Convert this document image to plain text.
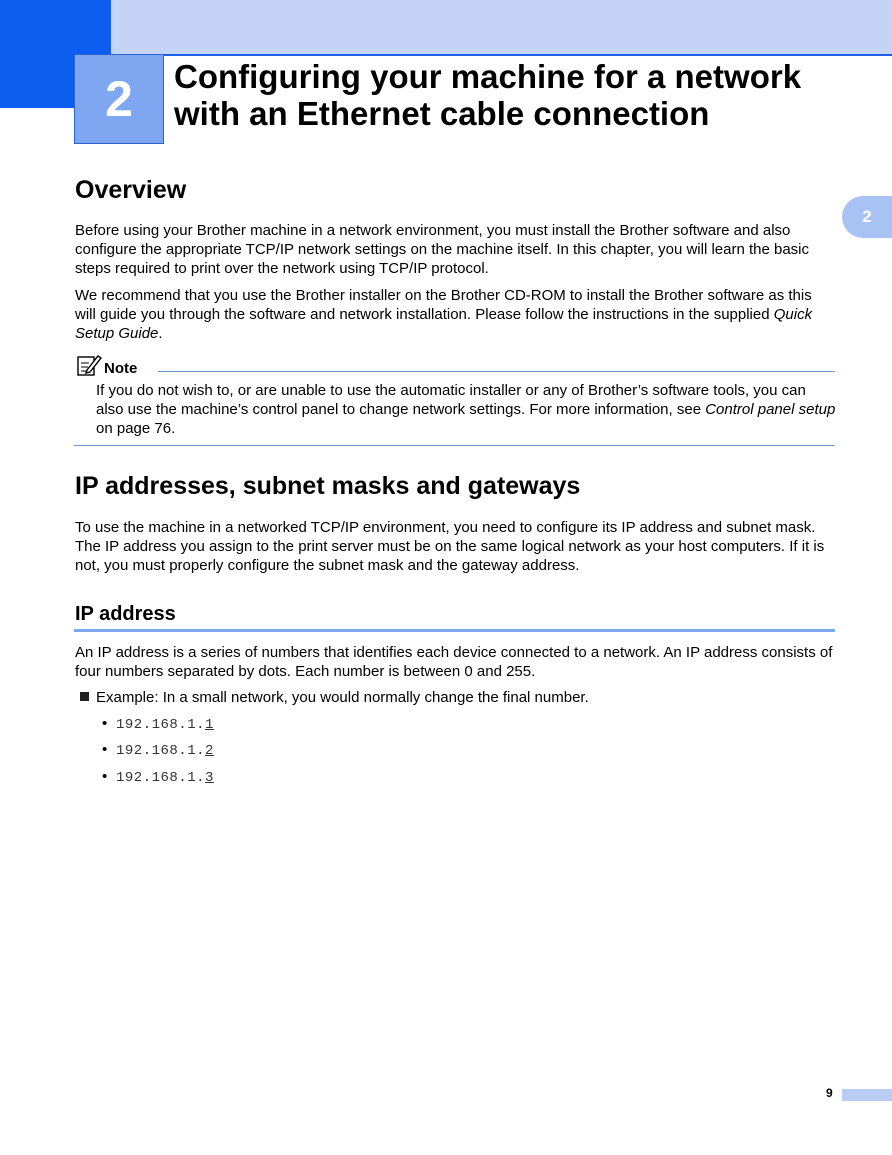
2 Configuring your machine for a network with an Ethernet cable connection
2
Overview

Before using your Brother machine in a network environment, you must install the Brother software and also configure the appropriate TCP/IP network settings on the machine itself. In this chapter, you will learn the basic steps required to print over the network using TCP/IP protocol.

We recommend that you use the Brother installer on the Brother CD-ROM to install the Brother software as this will guide you through the software and network installation. Please follow the instructions in the supplied Quick Setup Guide.

Note

If you do not wish to, or are unable to use the automatic installer or any of Brother’s software tools, you can also use the machine’s control panel to change network settings. For more information, see Control panel setup on page 76.

IP addresses, subnet masks and gateways

To use the machine in a networked TCP/IP environment, you need to configure its IP address and subnet mask. The IP address you assign to the print server must be on the same logical network as your host computers. If it is not, you must properly configure the subnet mask and the gateway address.

IP address

An IP address is a series of numbers that identifies each device connected to a network. An IP address consists of four numbers separated by dots. Each number is between 0 and 255.

Example: In a small network, you would normally change the final number.

• 192.168.1.1
• 192.168.1.2
• 192.168.1.3
9
